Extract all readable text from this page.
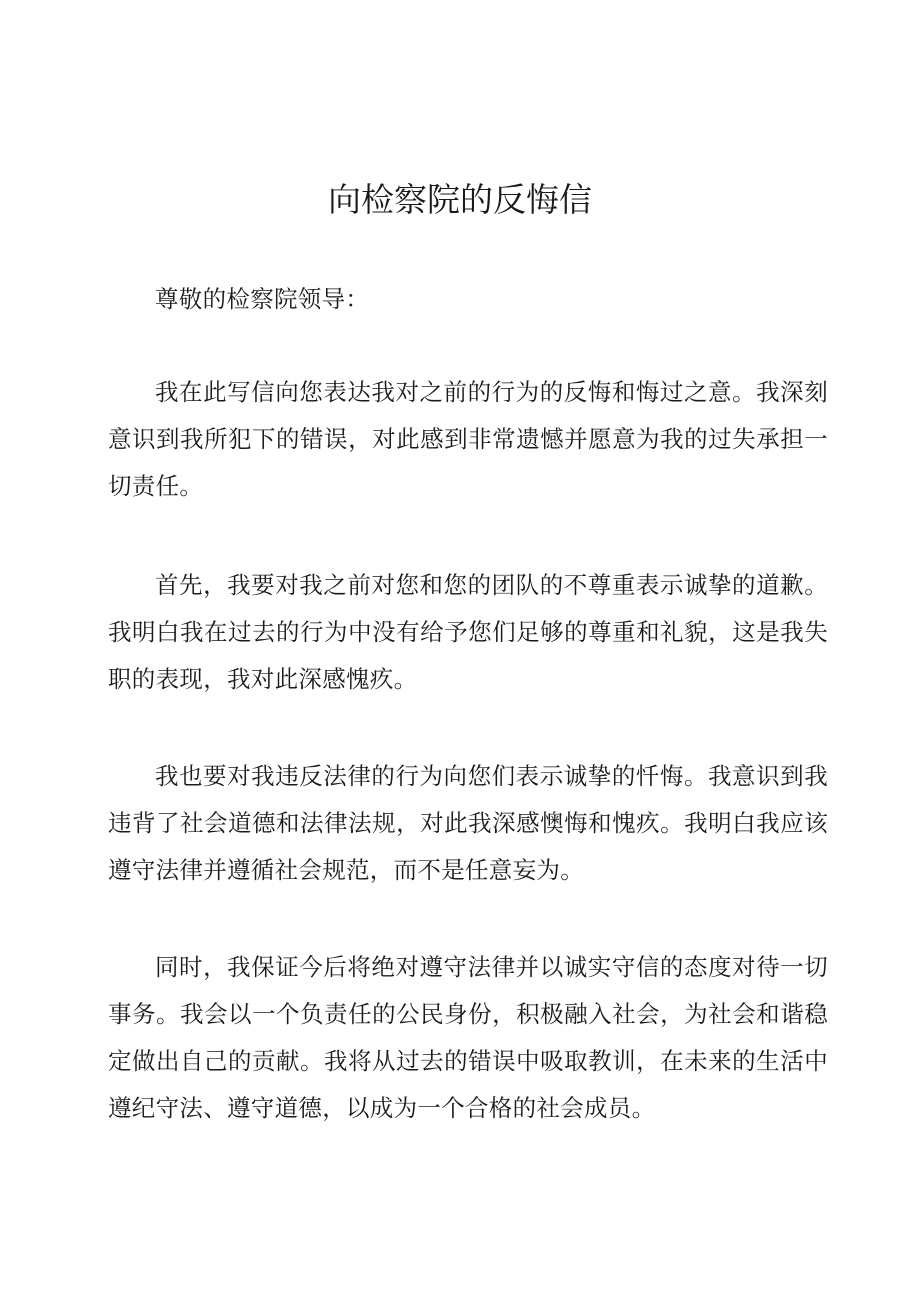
向检察院的反悔信

尊敬的检察院领导：

我在此写信向您表达我对之前的行为的反悔和悔过之意。我深刻意识到我所犯下的错误，对此感到非常遗憾并愿意为我的过失承担一切责任。

首先，我要对我之前对您和您的团队的不尊重表示诚挚的道歉。我明白我在过去的行为中没有给予您们足够的尊重和礼貌，这是我失职的表现，我对此深感愧疚。

我也要对我违反法律的行为向您们表示诚挚的忏悔。我意识到我违背了社会道德和法律法规，对此我深感懊悔和愧疚。我明白我应该遵守法律并遵循社会规范，而不是任意妄为。

同时，我保证今后将绝对遵守法律并以诚实守信的态度对待一切事务。我会以一个负责任的公民身份，积极融入社会，为社会和谐稳定做出自己的贡献。我将从过去的错误中吸取教训，在未来的生活中遵纪守法、遵守道德，以成为一个合格的社会成员。
